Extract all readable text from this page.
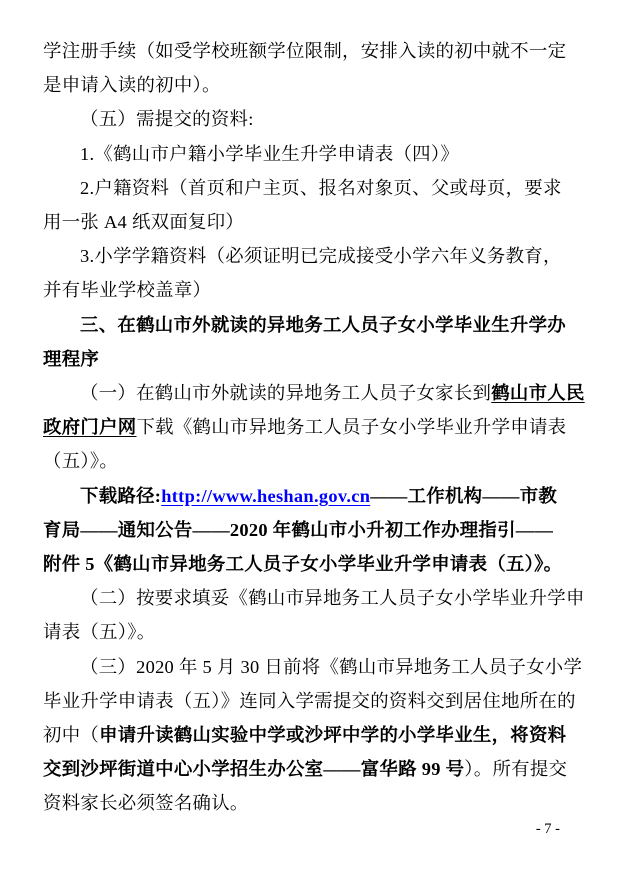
学注册手续（如受学校班额学位限制，安排入读的初中就不一定
是申请入读的初中）。
（五）需提交的资料:
1.《鹤山市户籍小学毕业生升学申请表（四）》
2.户籍资料（首页和户主页、报名对象页、父或母页，要求
用一张 A4 纸双面复印）
3.小学学籍资料（必须证明已完成接受小学六年义务教育，
并有毕业学校盖章）
三、在鹤山市外就读的异地务工人员子女小学毕业生升学办
理程序
（一）在鹤山市外就读的异地务工人员子女家长到鹤山市人民
政府门户网下载《鹤山市异地务工人员子女小学毕业升学申请表
（五）》。
下载路径:http://www.heshan.gov.cn——工作机构——市教
育局——通知公告——2020 年鹤山市小升初工作办理指引——
附件 5《鹤山市异地务工人员子女小学毕业升学申请表（五）》。
（二）按要求填妥《鹤山市异地务工人员子女小学毕业升学申
请表（五）》。
（三）2020 年 5 月 30 日前将《鹤山市异地务工人员子女小学
毕业升学申请表（五）》连同入学需提交的资料交到居住地所在的
初中（申请升读鹤山实验中学或沙坪中学的小学毕业生，将资料
交到沙坪街道中心小学招生办公室——富华路 99 号）。所有提交
资料家长必须签名确认。
- 7 -
